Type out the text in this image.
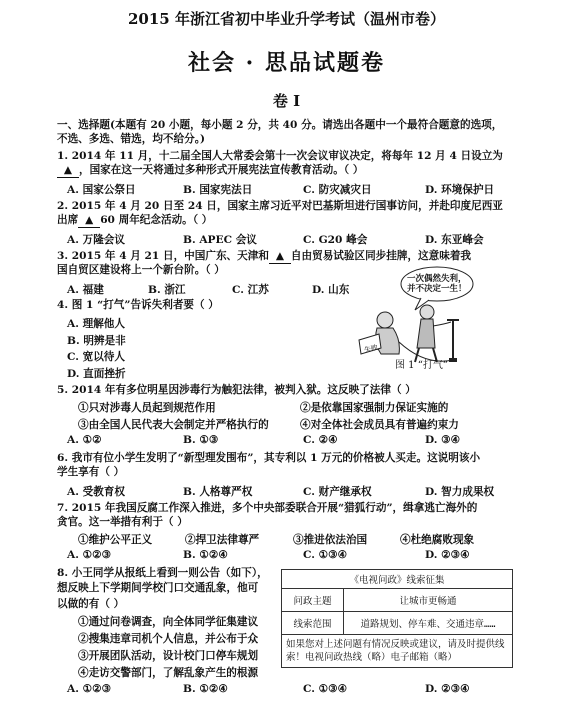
2015 年浙江省初中毕业升学考试（温州市卷）
社会 · 思品试题卷
卷 I
一、选择题(本题有 20 小题，每小题 2 分，共 40 分。请选出各题中一个最符合题意的选项，
不选、多选、错选，均不给分。)
1. 2014 年 11 月，十二届全国人大常委会第十一次会议审议决定，将每年 12 月 4 日设立为
▲ ，国家在这一天将通过多种形式开展宪法宣传教育活动。（ ）
A. 国家公祭日	B. 国家宪法日	C. 防灾减灾日	D. 环境保护日
2. 2015 年 4 月 20 日至 24 日，国家主席习近平对巴基斯坦进行国事访问，并赴印度尼西亚
出席 ▲ 60 周年纪念活动。（ ）
A. 万隆会议	B. APEC 会议	C. G20 峰会	D. 东亚峰会
3. 2015 年 4 月 21 日，中国广东、天津和 ▲ 自由贸易试验区同步挂牌，这意味着我
国自贸区建设将上一个新台阶。（ ）
A. 福建	B. 浙江	C. 江苏	D. 山东
4. 图 1 “打气”告诉失利者要（ ）
A. 理解他人
B. 明辨是非
C. 宽以待人
D. 直面挫折
一次偶然失利，并不决定一生！
失败
图 1 “打气”
5. 2014 年有多位明星因涉毒行为触犯法律，被判入狱。这反映了法律（ ）
①只对涉毒人员起到规范作用	②是依靠国家强制力保证实施的
③由全国人民代表大会制定并严格执行的	④对全体社会成员具有普遍约束力
A. ①②	B. ①③	C. ②④	D. ③④
6. 我市有位小学生发明了“新型理发围布”，其专利以 1 万元的价格被人买走。这说明该小
学生享有（ ）
A. 受教育权	B. 人格尊严权	C. 财产继承权	D. 智力成果权
7. 2015 年我国反腐工作深入推进，多个中央部委联合开展“猎狐行动”，缉拿逃亡海外的
贪官。这一举措有利于（ ）
①维护公平正义	②捍卫法律尊严	③推进依法治国	④杜绝腐败现象
A. ①②③	B. ①②④	C. ①③④	D. ②③④
8. 小王同学从报纸上看到一则公告（如下），
想反映上下学期间学校门口交通乱象，他可
以做的有（ ）
①通过问卷调查，向全体同学征集建议
②搜集违章司机个人信息，并公布于众
③开展团队活动，设计校门口停车规划
④走访交警部门，了解乱象产生的根源
A. ①②③	B. ①②④	C. ①③④	D. ②③④
《电视问政》线索征集
问政主题	让城市更畅通
线索范围	道路规划、停车难、交通违章……
如果您对上述问题有情况反映或建议，请及时提供线索！电视问政热线（略）电子邮箱（略）
